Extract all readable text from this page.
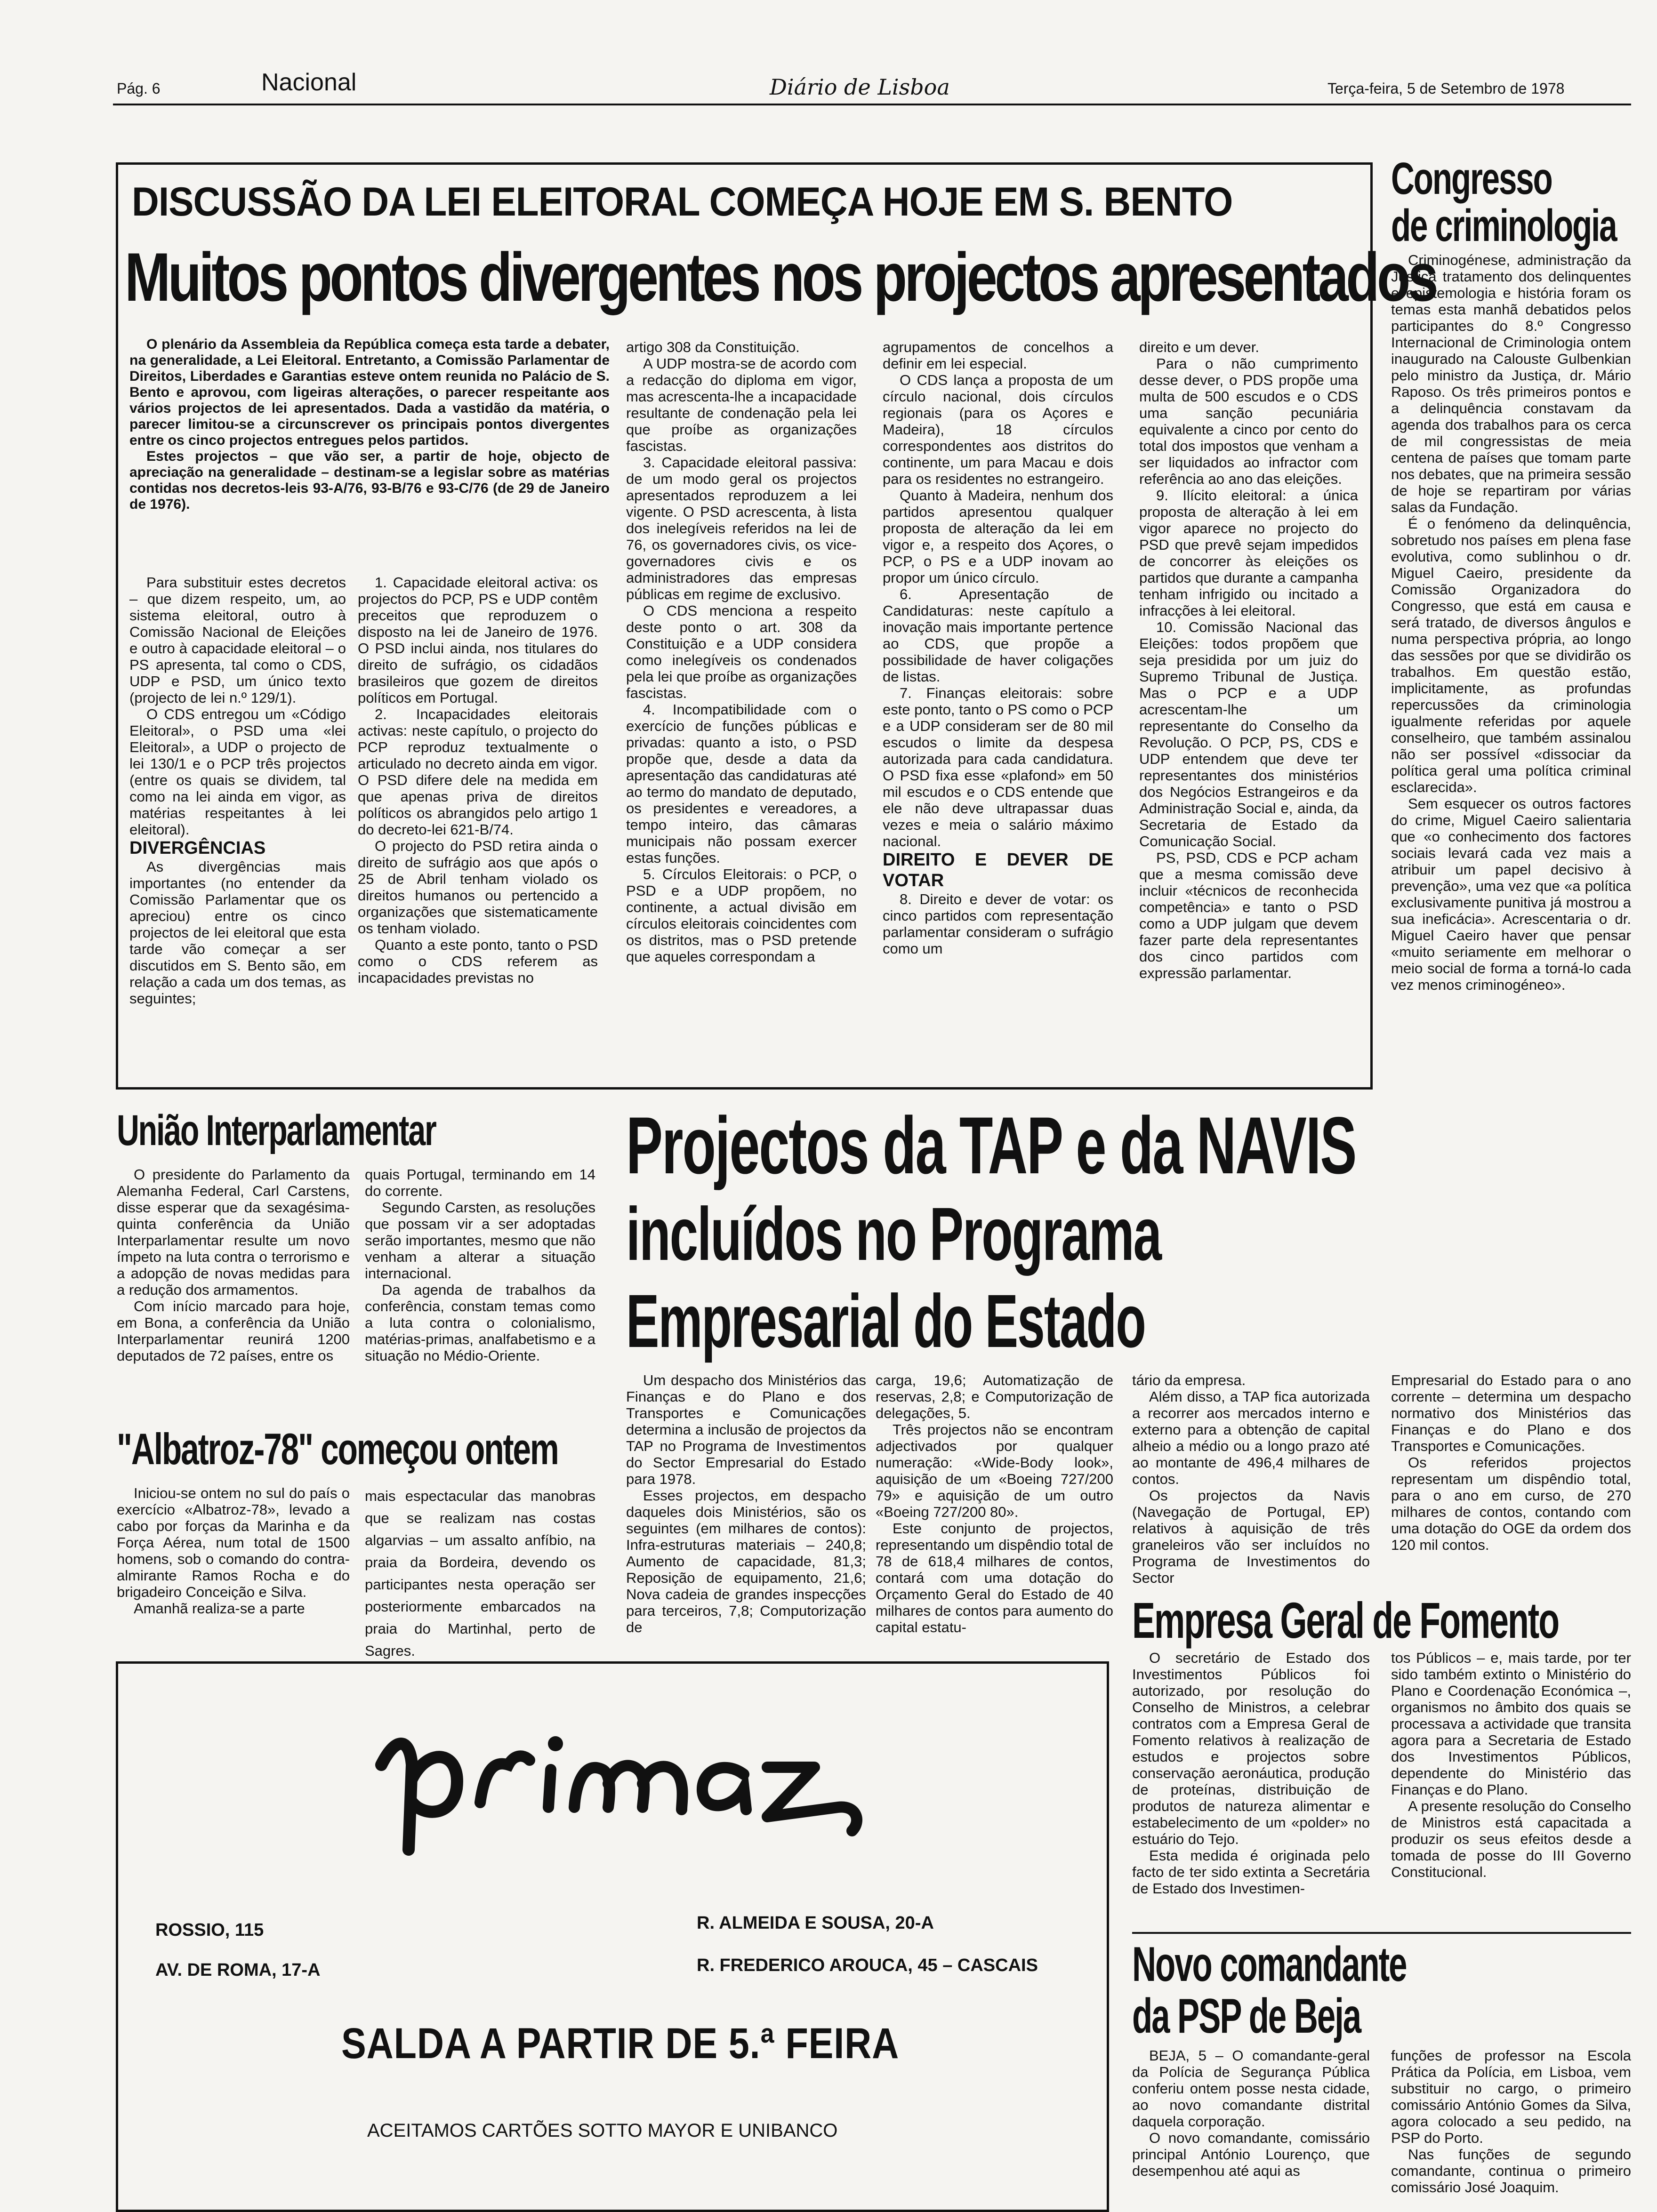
Pág. 6	Nacional	Diário de Lisboa	Terça-feira, 5 de Setembro de 1978
DISCUSSÃO DA LEI ELEITORAL COMEÇA HOJE EM S. BENTO
Muitos pontos divergentes nos projectos apresentados

O plenário da Assembleia da República começa esta tarde a debater, na generalidade, a Lei Eleitoral. Entretanto, a Comissão Parlamentar de Direitos, Liberdades e Garantias esteve ontem reunida no Palácio de S. Bento e aprovou, com ligeiras alterações, o parecer respeitante aos vários projectos de lei apresentados. Dada a vastidão da matéria, o parecer limitou-se a circunscrever os principais pontos divergentes entre os cinco projectos entregues pelos partidos.

Estes projectos – que vão ser, a partir de hoje, objecto de apreciação na generalidade – destinam-se a legislar sobre as matérias contidas nos decretos-leis 93-A/76, 93-B/76 e 93-C/76 (de 29 de Janeiro de 1976).

Para substituir estes decretos – que dizem respeito, um, ao sistema eleitoral, outro à Comissão Nacional de Eleições e outro à capacidade eleitoral – o PS apresenta, tal como o CDS, UDP e PSD, um único texto (projecto de lei n.º 129/1).

O CDS entregou um «Código Eleitoral», o PSD uma «lei Eleitoral», a UDP o projecto de lei 130/1 e o PCP três projectos (entre os quais se dividem, tal como na lei ainda em vigor, as matérias respeitantes à lei eleitoral).

DIVERGÊNCIAS

As divergências mais importantes (no entender da Comissão Parlamentar que os apreciou) entre os cinco projectos de lei eleitoral que esta tarde vão começar a ser discutidos em S. Bento são, em relação a cada um dos temas, as seguintes;

1. Capacidade eleitoral activa: os projectos do PCP, PS e UDP contêm preceitos que reproduzem o disposto na lei de Janeiro de 1976. O PSD inclui ainda, nos titulares do direito de sufrágio, os cidadãos brasileiros que gozem de direitos políticos em Portugal.

2. Incapacidades eleitorais activas: neste capítulo, o projecto do PCP reproduz textualmente o articulado no decreto ainda em vigor. O PSD difere dele na medida em que apenas priva de direitos políticos os abrangidos pelo artigo 1 do decreto-lei 621-B/74.

O projecto do PSD retira ainda o direito de sufrágio aos que após o 25 de Abril tenham violado os direitos humanos ou pertencido a organizações que sistematicamente os tenham violado.

Quanto a este ponto, tanto o PSD como o CDS referem as incapacidades previstas no

artigo 308 da Constituição.

A UDP mostra-se de acordo com a redacção do diploma em vigor, mas acrescenta-lhe a incapacidade resultante de condenação pela lei que proíbe as organizações fascistas.

3. Capacidade eleitoral passiva: de um modo geral os projectos apresentados reproduzem a lei vigente. O PSD acrescenta, à lista dos inelegíveis referidos na lei de 76, os governadores civis, os vice-governadores civis e os administradores das empresas públicas em regime de exclusivo.

O CDS menciona a respeito deste ponto o art. 308 da Constituição e a UDP considera como inelegíveis os condenados pela lei que proíbe as organizações fascistas.

4. Incompatibilidade com o exercício de funções públicas e privadas: quanto a isto, o PSD propõe que, desde a data da apresentação das candidaturas até ao termo do mandato de deputado, os presidentes e vereadores, a tempo inteiro, das câmaras municipais não possam exercer estas funções.

5. Círculos Eleitorais: o PCP, o PSD e a UDP propõem, no continente, a actual divisão em círculos eleitorais coincidentes com os distritos, mas o PSD pretende que aqueles correspondam a

agrupamentos de concelhos a definir em lei especial.

O CDS lança a proposta de um círculo nacional, dois círculos regionais (para os Açores e Madeira), 18 círculos correspondentes aos distritos do continente, um para Macau e dois para os residentes no estrangeiro.

Quanto à Madeira, nenhum dos partidos apresentou qualquer proposta de alteração da lei em vigor e, a respeito dos Açores, o PCP, o PS e a UDP inovam ao propor um único círculo.

6. Apresentação de Candidaturas: neste capítulo a inovação mais importante pertence ao CDS, que propõe a possibilidade de haver coligações de listas.

7. Finanças eleitorais: sobre este ponto, tanto o PS como o PCP e a UDP consideram ser de 80 mil escudos o limite da despesa autorizada para cada candidatura. O PSD fixa esse «plafond» em 50 mil escudos e o CDS entende que ele não deve ultrapassar duas vezes e meia o salário máximo nacional.

DIREITO E DEVER DE VOTAR

8. Direito e dever de votar: os cinco partidos com representação parlamentar consideram o sufrágio como um

direito e um dever.

Para o não cumprimento desse dever, o PDS propõe uma multa de 500 escudos e o CDS uma sanção pecuniária equivalente a cinco por cento do total dos impostos que venham a ser liquidados ao infractor com referência ao ano das eleições.

9. Ilícito eleitoral: a única proposta de alteração à lei em vigor aparece no projecto do PSD que prevê sejam impedidos de concorrer às eleições os partidos que durante a campanha tenham infrigido ou incitado a infracções à lei eleitoral.

10. Comissão Nacional das Eleições: todos propõem que seja presidida por um juiz do Supremo Tribunal de Justiça. Mas o PCP e a UDP acrescentam-lhe um representante do Conselho da Revolução. O PCP, PS, CDS e UDP entendem que deve ter representantes dos ministérios dos Negócios Estrangeiros e da Administração Social e, ainda, da Secretaria de Estado da Comunicação Social.

PS, PSD, CDS e PCP acham que a mesma comissão deve incluir «técnicos de reconhecida competência» e tanto o PSD como a UDP julgam que devem fazer parte dela representantes dos cinco partidos com expressão parlamentar.

Congresso
de criminologia

Criminogénese, administração da Justiça tratamento dos delinquentes e epistemologia e história foram os temas esta manhã debatidos pelos participantes do 8.º Congresso Internacional de Criminologia ontem inaugurado na Calouste Gulbenkian pelo ministro da Justiça, dr. Mário Raposo. Os três primeiros pontos e a delinquência constavam da agenda dos trabalhos para os cerca de mil congressistas de meia centena de países que tomam parte nos debates, que na primeira sessão de hoje se repartiram por várias salas da Fundação.

É o fenómeno da delinquência, sobretudo nos países em plena fase evolutiva, como sublinhou o dr. Miguel Caeiro, presidente da Comissão Organizadora do Congresso, que está em causa e será tratado, de diversos ângulos e numa perspectiva própria, ao longo das sessões por que se dividirão os trabalhos. Em questão estão, implicitamente, as profundas repercussões da criminologia igualmente referidas por aquele conselheiro, que também assinalou não ser possível «dissociar da política geral uma política criminal esclarecida».

Sem esquecer os outros factores do crime, Miguel Caeiro salientaria que «o conhecimento dos factores sociais levará cada vez mais a atribuir um papel decisivo à prevenção», uma vez que «a política exclusivamente punitiva já mostrou a sua ineficácia». Acrescentaria o dr. Miguel Caeiro haver que pensar «muito seriamente em melhorar o meio social de forma a torná-lo cada vez menos criminogéneo».

União Interparlamentar

O presidente do Parlamento da Alemanha Federal, Carl Carstens, disse esperar que da sexagésima-quinta conferência da União Interparlamentar resulte um novo ímpeto na luta contra o terrorismo e a adopção de novas medidas para a redução dos armamentos.

Com início marcado para hoje, em Bona, a conferência da União Interparlamentar reunirá 1200 deputados de 72 países, entre os

quais Portugal, terminando em 14 do corrente.

Segundo Carsten, as resoluções que possam vir a ser adoptadas serão importantes, mesmo que não venham a alterar a situação internacional.

Da agenda de trabalhos da conferência, constam temas como a luta contra o colonialismo, matérias-primas, analfabetismo e a situação no Médio-Oriente.

"Albatroz-78" começou ontem

Iniciou-se ontem no sul do país o exercício «Albatroz-78», levado a cabo por forças da Marinha e da Força Aérea, num total de 1500 homens, sob o comando do contra-almirante Ramos Rocha e do brigadeiro Conceição e Silva.

Amanhã realiza-se a parte

mais espectacular das manobras que se realizam nas costas algarvias – um assalto anfíbio, na praia da Bordeira, devendo os participantes nesta operação ser posteriormente embarcados na praia do Martinhal, perto de Sagres.

Projectos da TAP e da NAVIS
incluídos no Programa
Empresarial do Estado

Um despacho dos Ministérios das Finanças e do Plano e dos Transportes e Comunicações determina a inclusão de projectos da TAP no Programa de Investimentos do Sector Empresarial do Estado para 1978.

Esses projectos, em despacho daqueles dois Ministérios, são os seguintes (em milhares de contos): Infra-estruturas materiais – 240,8; Aumento de capacidade, 81,3; Reposição de equipamento, 21,6; Nova cadeia de grandes inspecções para terceiros, 7,8; Computorização de

carga, 19,6; Automatização de reservas, 2,8; e Computorização de delegações, 5.

Três projectos não se encontram adjectivados por qualquer numeração: «Wide-Body look», aquisição de um «Boeing 727/200 79» e aquisição de um outro «Boeing 727/200 80».

Este conjunto de projectos, representando um dispêndio total de 78 de 618,4 milhares de contos, contará com uma dotação do Orçamento Geral do Estado de 40 milhares de contos para aumento do capital estatu-

tário da empresa.

Além disso, a TAP fica autorizada a recorrer aos mercados interno e externo para a obtenção de capital alheio a médio ou a longo prazo até ao montante de 496,4 milhares de contos.

Os projectos da Navis (Navegação de Portugal, EP) relativos à aquisição de três graneleiros vão ser incluídos no Programa de Investimentos do Sector

Empresarial do Estado para o ano corrente – determina um despacho normativo dos Ministérios das Finanças e do Plano e dos Transportes e Comunicações.

Os referidos projectos representam um dispêndio total, para o ano em curso, de 270 milhares de contos, contando com uma dotação do OGE da ordem dos 120 mil contos.

Empresa Geral de Fomento

O secretário de Estado dos Investimentos Públicos foi autorizado, por resolução do Conselho de Ministros, a celebrar contratos com a Empresa Geral de Fomento relativos à realização de estudos e projectos sobre conservação aeronáutica, produção de proteínas, distribuição de produtos de natureza alimentar e estabelecimento de um «polder» no estuário do Tejo.

Esta medida é originada pelo facto de ter sido extinta a Secretária de Estado dos Investimen-

tos Públicos – e, mais tarde, por ter sido também extinto o Ministério do Plano e Coordenação Económica –, organismos no âmbito dos quais se processava a actividade que transita agora para a Secretaria de Estado dos Investimentos Públicos, dependente do Ministério das Finanças e do Plano.

A presente resolução do Conselho de Ministros está capacitada a produzir os seus efeitos desde a tomada de posse do III Governo Constitucional.

Novo comandante
da PSP de Beja

BEJA, 5 – O comandante-geral da Polícia de Segurança Pública conferiu ontem posse nesta cidade, ao novo comandante distrital daquela corporação.

O novo comandante, comissário principal António Lourenço, que desempenhou até aqui as

funções de professor na Escola Prática da Polícia, em Lisboa, vem substituir no cargo, o primeiro comissário António Gomes da Silva, agora colocado a seu pedido, na PSP do Porto.

Nas funções de segundo comandante, continua o primeiro comissário José Joaquim.

ROSSIO, 115
AV. DE ROMA, 17-A
R. ALMEIDA E SOUSA, 20-A
R. FREDERICO AROUCA, 45 – CASCAIS
SALDA A PARTIR DE 5.ª FEIRA
ACEITAMOS CARTÕES SOTTO MAYOR E UNIBANCO
